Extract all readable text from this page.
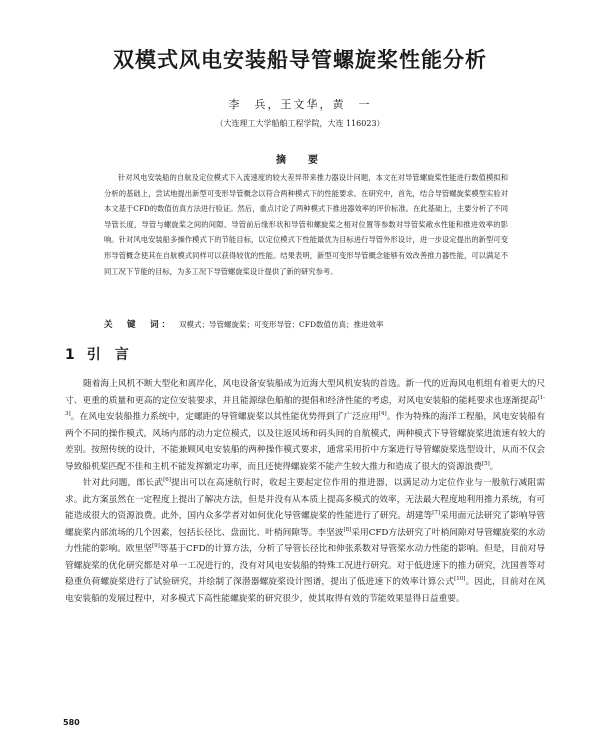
双模式风电安装船导管螺旋桨性能分析
李　兵，王文华，黄　一
（大连理工大学船舶工程学院，大连 116023）
摘　要
针对风电安装船的自航及定位模式下入流速度的较大差异带来推力器设计问题，本文在对导管螺旋桨性能进行数值模拟和分析的基础上，尝试地提出新型可变形导管概念以符合两种模式下的性能要求。在研究中，首先，结合导管螺旋桨模型实验对本文基于CFD的数值仿真方法进行验证。然后，重点讨论了两种模式下推进器效率的评价标准。在此基础上，主要分析了不同导管长度，导管与螺旋桨之间的间隙、导管前后缘形状和导管和螺旋桨之相对位置等参数对导管桨敞水性能和推进效率的影响。针对风电安装船多操作模式下的节能目标，以定位模式下性能最优为目标进行导管外形设计，进一步设定提出的新型可变形导管概念使其在自航模式同样可以获得较优的性能。结果表明，新型可变形导管概念能够有效改善推力器性能，可以满足不同工况下节能的目标，为多工况下导管螺旋桨设计提供了新的研究参考。
关　键　词： 双模式；导管螺旋桨；可变形导管；CFD数值仿真；推进效率
1 引　言

随着海上风机不断大型化和离岸化，风电设备安装船成为近海大型风机安装的首选。新一代的近海风电机组有着更大的尺寸、更重的质量和更高的定位安装要求，并且能源绿色船舶的提倡和经济性能的考虑，对风电安装船的能耗要求也逐渐提高[1-3]。在风电安装船推力系统中，定螺距的导管螺旋桨以其性能优势得到了广泛应用[4]。作为特殊的海洋工程船，风电安装船有两个不同的操作模式，风场内部的动力定位模式，以及往返风场和码头间的自航模式，两种模式下导管螺旋桨进流速有较大的差别。按照传统的设计，不能兼顾风电安装船的两种操作模式要求，通常采用折中方案进行导管螺旋桨选型设计，从而不仅会导致船机桨匹配不佳和主机不能发挥额定功率，而且还使得螺旋桨不能产生较大推力和造成了很大的资源浪费[5]。

针对此问题，郎长武[6]提出可以在高速航行时，收起主要起定位作用的推进器，以满足动力定位作业与一般航行减阻需求。此方案虽然在一定程度上提出了解决方法，但是并没有从本质上提高多模式的效率，无法最大程度地利用推力系统，有可能造成很大的资源浪费。此外，国内众多学者对如何优化导管螺旋桨的性能进行了研究。胡建等[7]采用面元法研究了影响导管螺旋桨内部流场的几个因素，包括长径比、盘面比、叶梢间隙等。李坚波[8]采用CFD方法研究了叶梢间隙对导管螺旋桨的水动力性能的影响。欧里坚[9]等基于CFD的计算方法，分析了导管长径比和伸张系数对导管桨水动力性能的影响。但是，目前对导管螺旋桨的优化研究都是对单一工况进行的，没有对风电安装船的特殊工况进行研究。对于低进速下的推力研究，沈国普等对稳重负荷螺旋桨进行了试验研究，并绘制了深潜器螺旋桨设计图谱，提出了低进速下的效率计算公式[10]。因此，目前对在风电安装船的发展过程中，对多模式下高性能螺旋桨的研究很少，使其取得有效的节能效果显得日益重要。

580
